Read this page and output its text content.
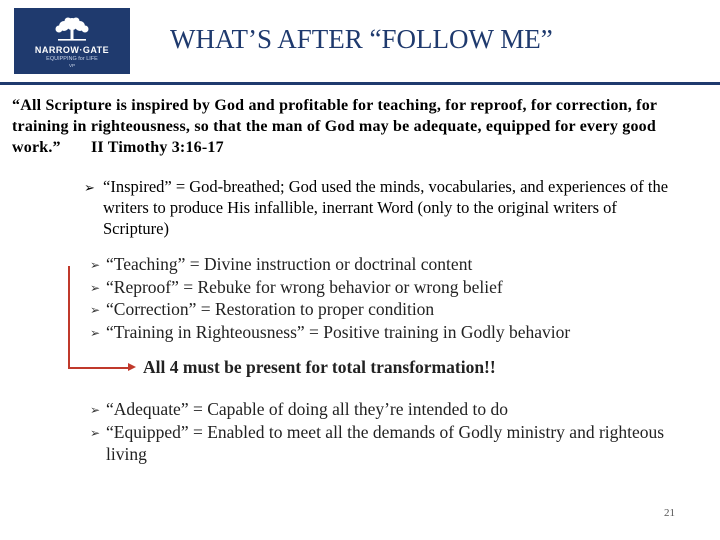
NARROW·GATE
EQUIPPING for LIFE
VP
WHAT’S AFTER “FOLLOW ME”
“All Scripture is inspired by God and profitable for teaching, for reproof, for correction, for training in righteousness, so that the man of God may be adequate, equipped for every good work.” II Timothy 3:16-17
➢ “Inspired” = God-breathed; God used the minds, vocabularies, and experiences of the writers to produce His infallible, inerrant Word (only to the original writers of Scripture)
➢ “Teaching” = Divine instruction or doctrinal content
➢ “Reproof” = Rebuke for wrong behavior or wrong belief
➢ “Correction” = Restoration to proper condition
➢ “Training in Righteousness” = Positive training in Godly behavior
All 4 must be present for total transformation!!
➢ “Adequate” = Capable of doing all they’re intended to do
➢ “Equipped” = Enabled to meet all the demands of Godly ministry and righteous living
21
